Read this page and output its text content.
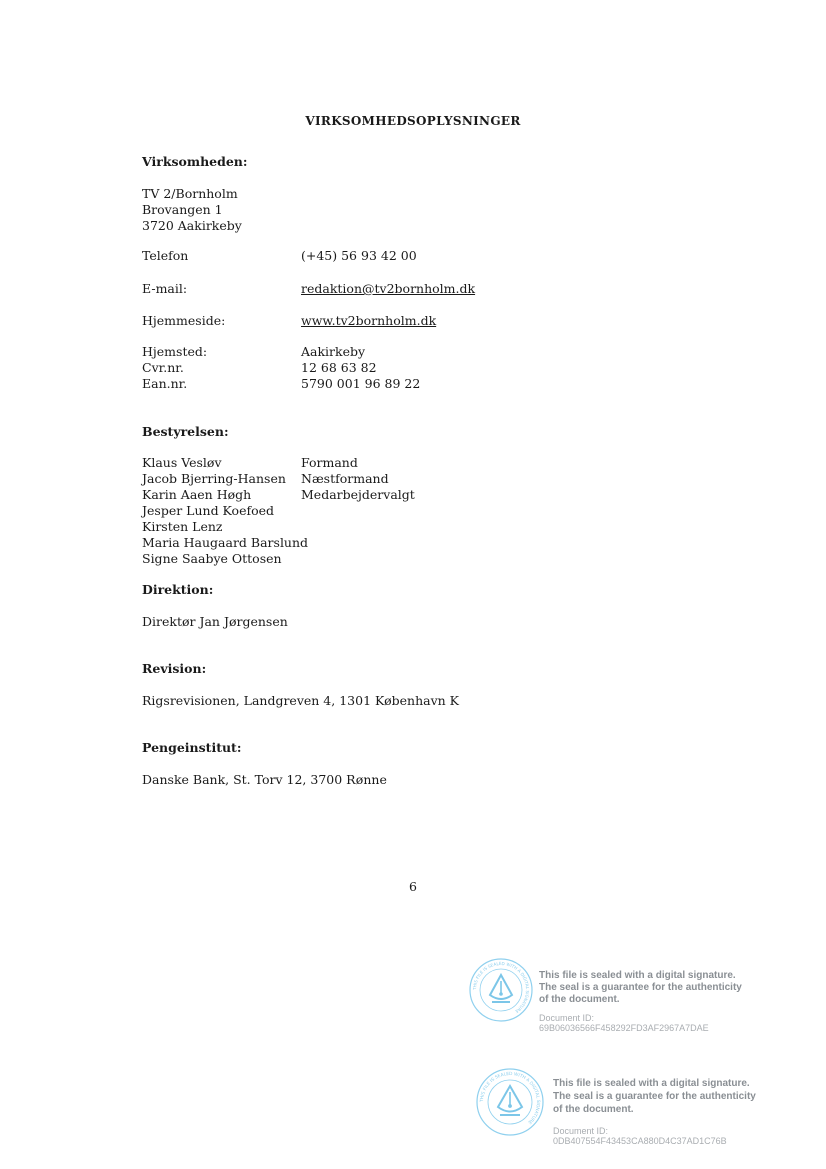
VIRKSOMHEDSOPLYSNINGER
Virksomheden:
TV 2/Bornholm
Brovangen 1
3720 Aakirkeby
Telefon	(+45) 56 93 42 00
E-mail:	redaktion@tv2bornholm.dk
Hjemmeside:	www.tv2bornholm.dk
Hjemsted:	Aakirkeby
Cvr.nr.	12 68 63 82
Ean.nr.	5790 001 96 89 22
Bestyrelsen:
Klaus Vesløv	Formand
Jacob Bjerring-Hansen Næstformand
Karin Aaen Høgh	Medarbejdervalgt
Jesper Lund Koefoed
Kirsten Lenz
Maria Haugaard Barslund
Signe Saabye Ottosen
Direktion:
Direktør Jan Jørgensen
Revision:
Rigsrevisionen, Landgreven 4, 1301 København K
Pengeinstitut:
Danske Bank, St. Torv 12, 3700 Rønne
6
THIS FILE IS SEALED WITH A DIGITAL SIGNATURE
This file is sealed with a digital signature.
The seal is a guarantee for the authenticity
of the document.
Document ID:
69B06036566F458292FD3AF2967A7DAE
THIS FILE IS SEALED WITH A DIGITAL SIGNATURE
This file is sealed with a digital signature.
The seal is a guarantee for the authenticity
of the document.
Document ID:
0DB407554F43453CA880D4C37AD1C76B
